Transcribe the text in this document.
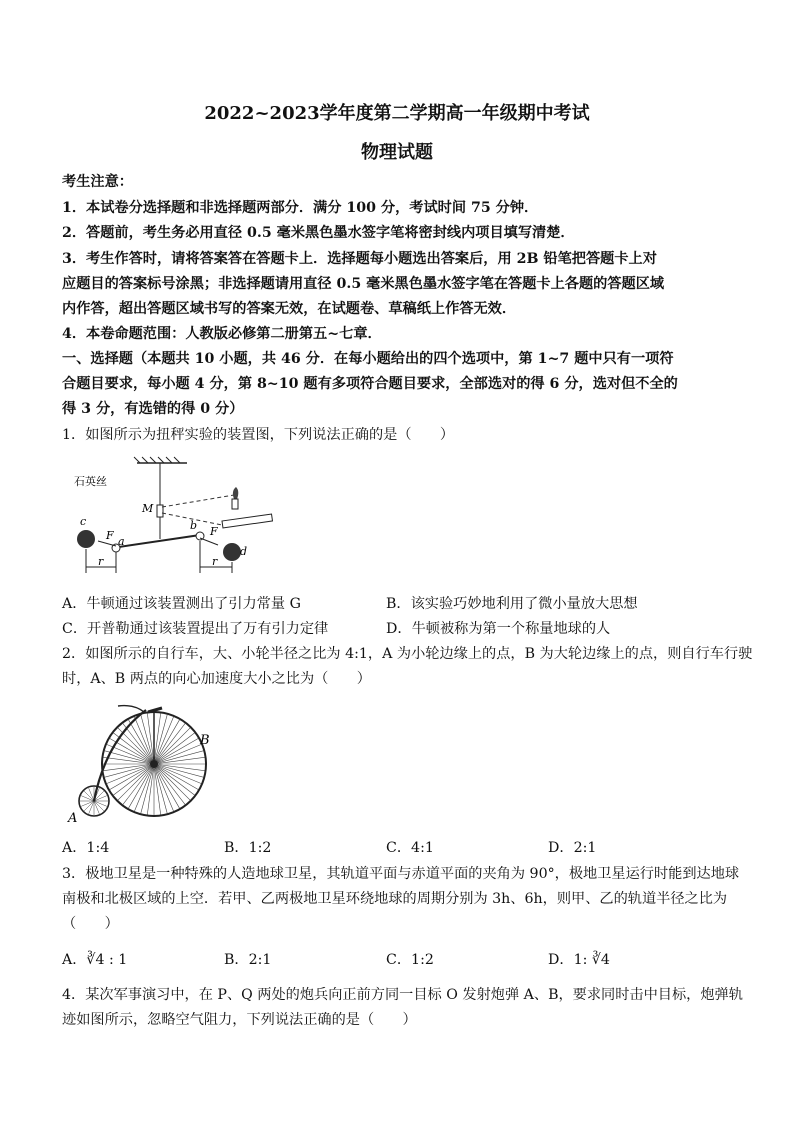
2022~2023学年度第二学期高一年级期中考试
物理试题
考生注意：
1．本试卷分选择题和非选择题两部分．满分 100 分，考试时间 75 分钟．
2．答题前，考生务必用直径 0.5 毫米黑色墨水签字笔将密封线内项目填写清楚．
3．考生作答时，请将答案答在答题卡上．选择题每小题选出答案后，用 2B 铅笔把答题卡上对
应题目的答案标号涂黑；非选择题请用直径 0.5 毫米黑色墨水签字笔在答题卡上各题的答题区域
内作答，超出答题区域书写的答案无效，在试题卷、草稿纸上作答无效．
4．本卷命题范围：人教版必修第二册第五~七章．
一、选择题（本题共 10 小题，共 46 分．在每小题给出的四个选项中，第 1~7 题中只有一项符
合题目要求，每小题 4 分，第 8~10 题有多项符合题目要求，全部选对的得 6 分，选对但不全的
得 3 分，有选错的得 0 分）
1．如图所示为扭秤实验的装置图，下列说法正确的是（　　）
石英丝
M
c
d
a
b
F	F
r	r
A．牛顿通过该装置测出了引力常量 G	B．该实验巧妙地利用了微小量放大思想
C．开普勒通过该装置提出了万有引力定律	D．牛顿被称为第一个称量地球的人
2．如图所示的自行车，大、小轮半径之比为 4:1，A 为小轮边缘上的点，B 为大轮边缘上的点，则自行车行驶
时，A、B 两点的向心加速度大小之比为（　　）
B
A
A．1:4	B．1:2	C．4:1	D．2:1
3．极地卫星是一种特殊的人造地球卫星，其轨道平面与赤道平面的夹角为 90°，极地卫星运行时能到达地球
南极和北极区域的上空．若甲、乙两极地卫星环绕地球的周期分别为 3h、6h，则甲、乙的轨道半径之比为
（　　）
A．∛4 : 1	B．2:1	C．1:2	D．1: ∛4
4．某次军事演习中，在 P、Q 两处的炮兵向正前方同一目标 O 发射炮弹 A、B，要求同时击中目标，炮弹轨
迹如图所示，忽略空气阻力，下列说法正确的是（　　）
